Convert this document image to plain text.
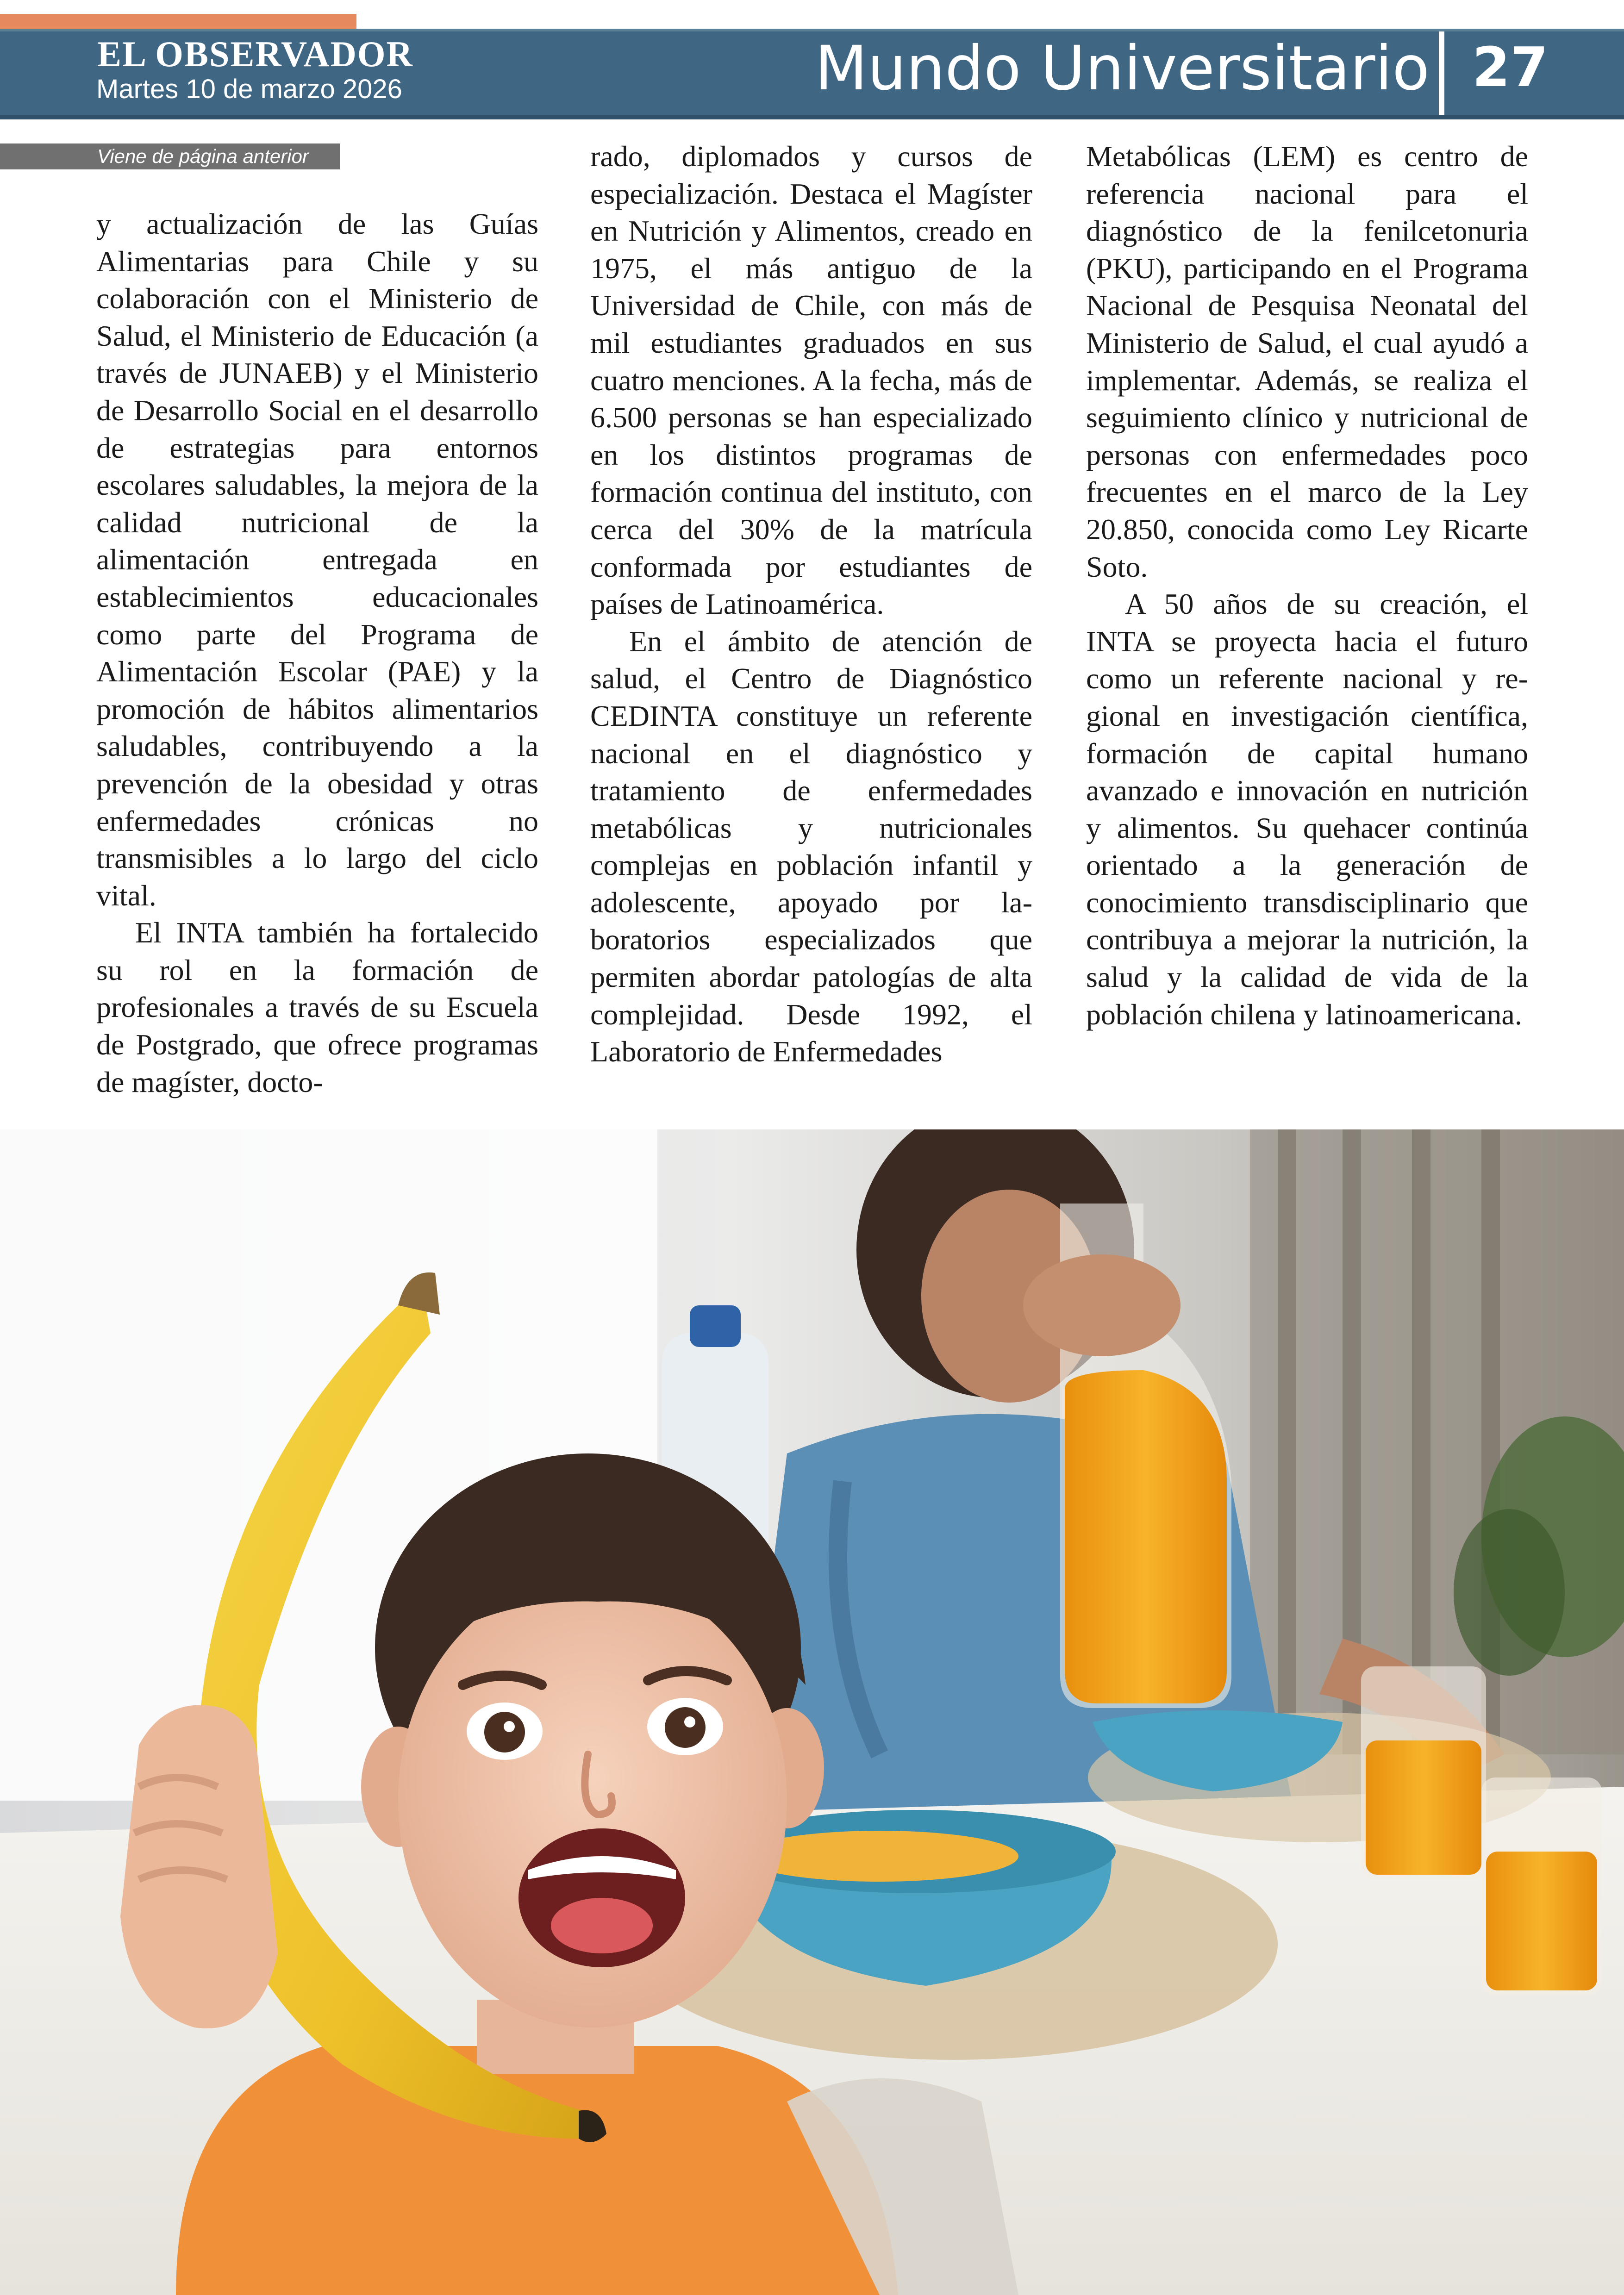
EL OBSERVADOR
Martes 10 de marzo 2026	Mundo Universitario 27
Viene de página anterior

y actualización de las Guías Alimentarias para Chile y su colaboración con el Ministerio de Salud, el Ministerio de Educación (a través de JUNAEB) y el Ministerio de Desarrollo Social en el desarrollo de estrategias para entornos escolares saludables, la mejora de la calidad nutricional de la alimentación entregada en establecimientos educacionales como parte del Programa de Alimentación Escolar (PAE) y la promoción de hábitos alimentarios saludables, contribuyendo a la prevención de la obesidad y otras enfermedades crónicas no transmisibles a lo largo del ciclo vital.

El INTA también ha fortalecido su rol en la formación de profesionales a través de su Escuela de Postgrado, que ofrece programas de magíster, docto-

rado, diplomados y cursos de especialización. Destaca el Magíster en Nutrición y Alimentos, creado en 1975, el más antiguo de la Universidad de Chile, con más de mil estudiantes graduados en sus cuatro menciones. A la fecha, más de 6.500 personas se han especializado en los distintos programas de formación continua del instituto, con cerca del 30% de la matrícula conformada por estudiantes de países de Latinoamérica.

En el ámbito de atención de salud, el Centro de Diagnóstico CEDINTA constituye un referente nacional en el diagnóstico y tratamiento de enfermedades metabólicas y nutricionales complejas en población infantil y adolescente, apoyado por laboratorios especializados que permiten abordar patologías de alta complejidad. Desde 1992, el Laboratorio de Enfermedades

Metabólicas (LEM) es centro de referencia nacional para el diagnóstico de la fenilcetonuria (PKU), participando en el Programa Nacional de Pesquisa Neonatal del Ministerio de Salud, el cual ayudó a implementar. Además, se realiza el seguimiento clínico y nutricional de personas con enfermedades poco frecuentes en el marco de la Ley 20.850, conocida como Ley Ricarte Soto.

A 50 años de su creación, el INTA se proyecta hacia el futuro como un referente nacional y regional en investigación científica, formación de capital humano avanzado e innovación en nutrición y alimentos. Su quehacer continúa orientado a la generación de conocimiento transdisciplinario que contribuya a mejorar la nutrición, la salud y la calidad de vida de la población chilena y latinoamericana.
